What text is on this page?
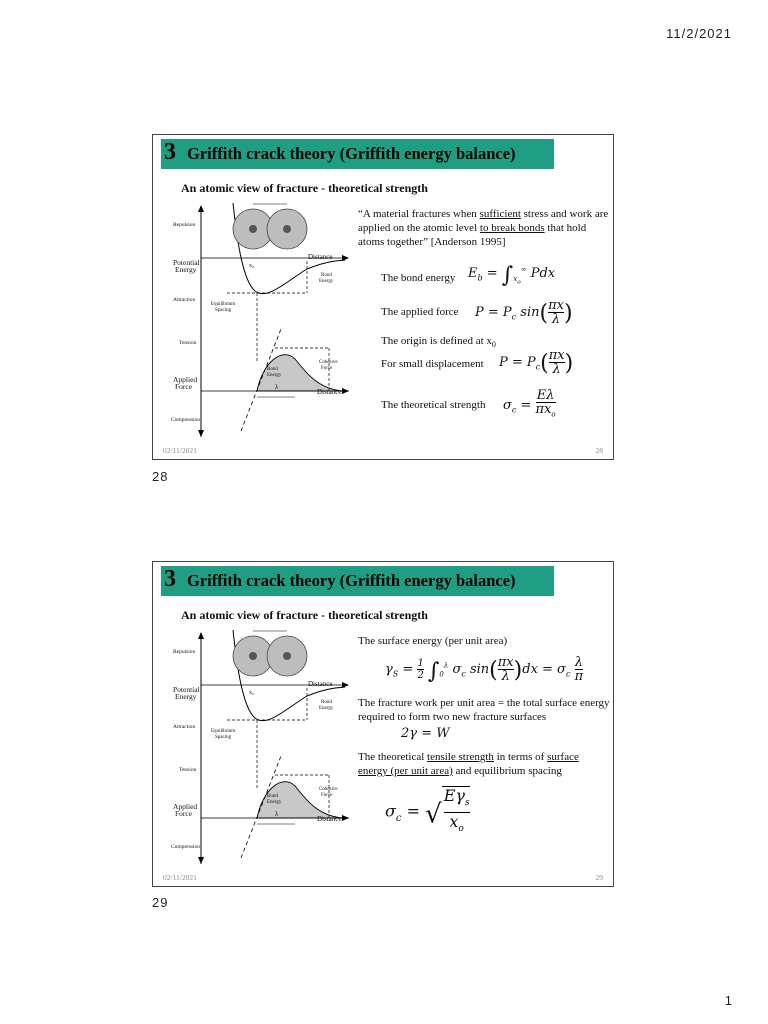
11/2/2021
3 Griffith crack theory (Griffith energy balance)
An atomic view of fracture - theoretical strength
Repulsion
Potential
Energy
Attraction
Equilibrium
Spacing
Distance
Bond
Energy
Tension
Applied
Force
Compression
Cohesive
Force
Bond
Energy
Distance
x₀
λ
“A material fractures when sufficient stress and work are applied on the atomic level to break bonds that hold atoms together” [Anderson 1995]
The bond energy $E_b = \int_{x_o}^\infty$ Pdx
The applied force $P = P_c$ $\sin( \frac{\pi x}{\lambda}$ )
The origin is defined at $x_0$
For small displacement $P = P_c( \frac{\pi x}{\lambda}$ )
The theoretical strength $\sigma_c$ =
Eλ
$\pi x_o$
02/11/2021	28
28
3 Griffith crack theory (Griffith energy balance)
An atomic view of fracture - theoretical strength
Repulsion
Potential
Energy
Attraction
Equilibrium
Spacing
Distance
Bond
Energy
Tension
Applied
Force
Compression
Cohesive
Force
Bond
Energy
Distance
x₀
λ
The surface energy (per unit area)
$\gamma_S = \frac{1}{2} \int_0^\lambda$ $\sigma_c$ $\sin( \frac{\pi x}{\lambda} )dx = \sigma_c \frac{\lambda}{\pi}$
The fracture work per unit area = the total surface energy required to form two new fracture surfaces
2γ = W
The theoretical tensile strength in terms of surface energy (per unit area) and equilibrium spacing
$\sigma_c$ = √
$E\gamma_s$
$x_o$
02/11/2021	29
29
1
